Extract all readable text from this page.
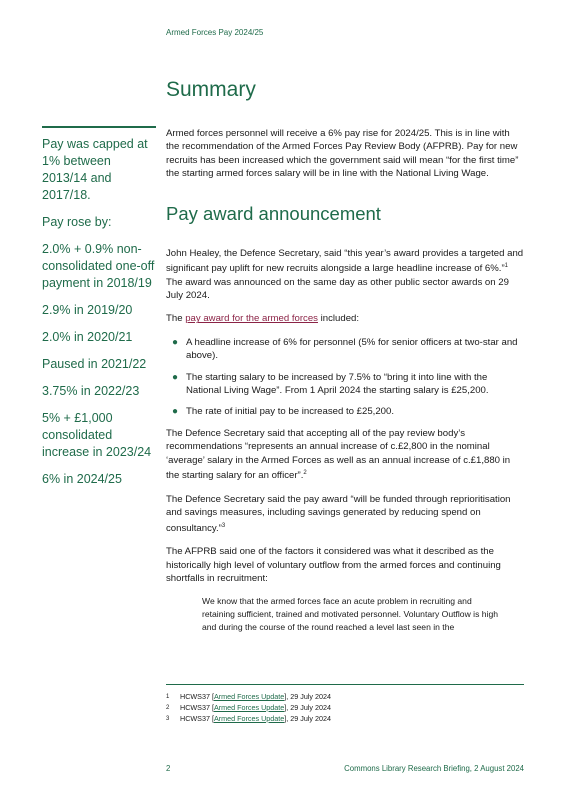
Armed Forces Pay 2024/25
Summary

Pay was capped at 1% between 2013/14 and 2017/18.

Pay rose by:

2.0% + 0.9% non-consolidated one-off payment in 2018/19

2.9% in 2019/20

2.0% in 2020/21

Paused in 2021/22

3.75% in 2022/23

5% + £1,000 consolidated increase in 2023/24

6% in 2024/25

Armed forces personnel will receive a 6% pay rise for 2024/25. This is in line with the recommendation of the Armed Forces Pay Review Body (AFPRB). Pay for new recruits has been increased which the government said will mean “for the first time” the starting armed forces salary will be in line with the National Living Wage.

Pay award announcement

John Healey, the Defence Secretary, said “this year’s award provides a targeted and significant pay uplift for new recruits alongside a large headline increase of 6%.”$^1$ The award was announced on the same day as other public sector awards on 29 July 2024.

The pay award for the armed forces included:

● A headline increase of 6% for personnel (5% for senior officers at two-star and above).
● The starting salary to be increased by 7.5% to “bring it into line with the National Living Wage”. From 1 April 2024 the starting salary is £25,200.
● The rate of initial pay to be increased to £25,200.

The Defence Secretary said that accepting all of the pay review body’s recommendations “represents an annual increase of c.£2,800 in the nominal ‘average’ salary in the Armed Forces as well as an annual increase of c.£1,880 in the starting salary for an officer”.$^2$

The Defence Secretary said the pay award “will be funded through reprioritisation and savings measures, including savings generated by reducing spend on consultancy.”$^3$

The AFPRB said one of the factors it considered was what it described as the historically high level of voluntary outflow from the armed forces and continuing shortfalls in recruitment:

We know that the armed forces face an acute problem in recruiting and retaining sufficient, trained and motivated personnel. Voluntary Outflow is high and during the course of the round reached a level last seen in the

1 HCWS37 [Armed Forces Update], 29 July 2024
2 HCWS37 [Armed Forces Update], 29 July 2024
3 HCWS37 [Armed Forces Update], 29 July 2024
2	Commons Library Research Briefing, 2 August 2024
